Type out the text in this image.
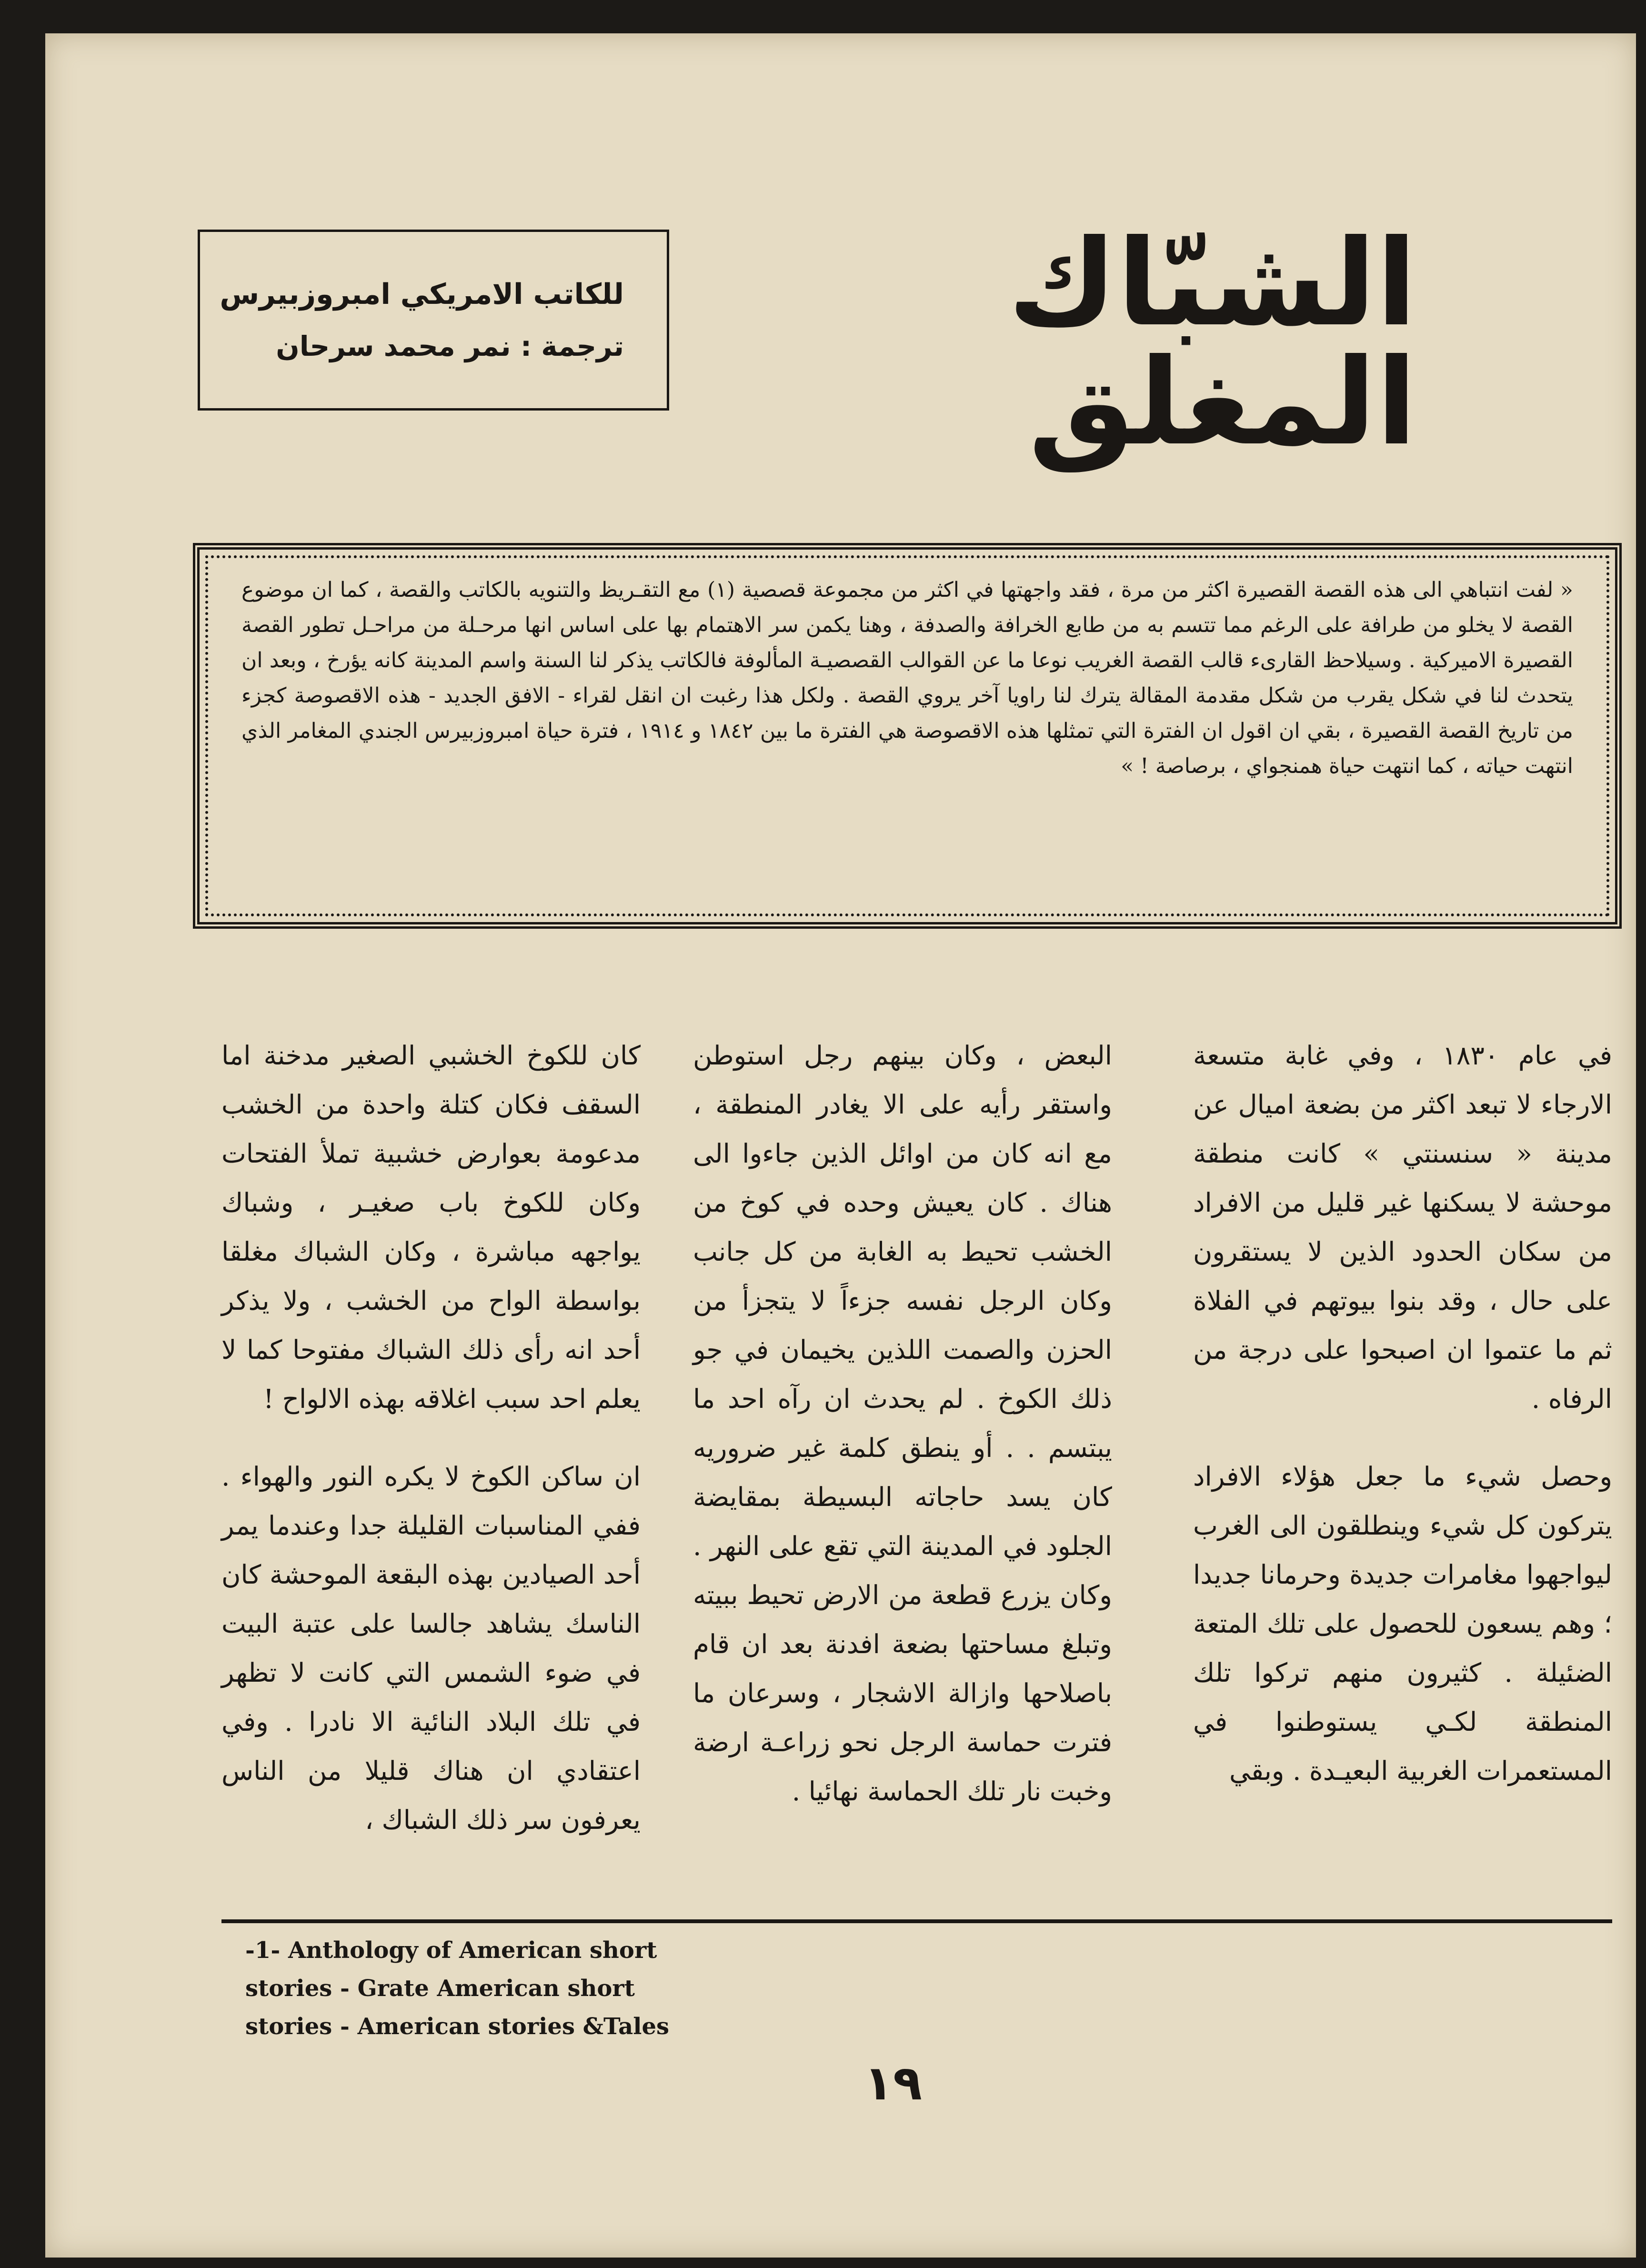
الشبّاك المغلق
للكاتب الامريكي امبروزبيرس
ترجمة : نمر محمد سرحان
« لفت انتباهي الى هذه القصة القصيرة اكثر من مرة ، فقد واجهتها في اكثر من مجموعة قصصية (١) مع التقـريظ والتنويه بالكاتب والقصة ، كما ان موضوع القصة لا يخلو من طرافة على الرغم مما تتسم به من طابع الخرافة والصدفة ، وهنا يكمن سر الاهتمام بها على اساس انها مرحـلة من مراحـل تطور القصة القصيرة الاميركية . وسيلاحظ القارىء قالب القصة الغريب نوعا ما عن القوالب القصصيـة المألوفة فالكاتب يذكر لنا السنة واسم المدينة كانه يؤرخ ، وبعد ان يتحدث لنا في شكل يقرب من شكل مقدمة المقالة يترك لنا راويا آخر يروي القصة . ولكل هذا رغبت ان انقل لقراء - الافق الجديد - هذه الاقصوصة كجزء من تاريخ القصة القصيرة ، بقي ان اقول ان الفترة التي تمثلها هذه الاقصوصة هي الفترة ما بين ١٨٤٢ و ١٩١٤ ، فترة حياة امبروزبيرس الجندي المغامر الذي انتهت حياته ، كما انتهت حياة همنجواي ، برصاصة ! »

في عام ١٨٣٠ ، وفي غابة متسعة الارجاء لا تبعد اكثر من بضعة اميال عن مدينة « سنسنتي » كانت منطقة موحشة لا يسكنها غير قليل من الافراد من سكان الحدود الذين لا يستقرون على حال ، وقد بنوا بيوتهم في الفلاة ثم ما عتموا ان اصبحوا على درجة من الرفاه .

وحصل شيء ما جعل هؤلاء الافراد يتركون كل شيء وينطلقون الى الغرب ليواجهوا مغامرات جديدة وحرمانا جديدا ؛ وهم يسعون للحصول على تلك المتعة الضئيلة . كثيرون منهم تركوا تلك المنطقة لكـي يستوطنوا في المستعمرات الغربية البعيـدة . وبقي

البعض ، وكان بينهم رجل استوطن واستقر رأيه على الا يغادر المنطقة ، مع انه كان من اوائل الذين جاءوا الى هناك . كان يعيش وحده في كوخ من الخشب تحيط به الغابة من كل جانب وكان الرجل نفسه جزءاً لا يتجزأ من الحزن والصمت اللذين يخيمان في جو ذلك الكوخ . لم يحدث ان رآه احد ما يبتسم . . أو ينطق كلمة غير ضروريه كان يسد حاجاته البسيطة بمقايضة الجلود في المدينة التي تقع على النهر . وكان يزرع قطعة من الارض تحيط ببيته وتبلغ مساحتها بضعة افدنة بعد ان قام باصلاحها وازالة الاشجار ، وسرعان ما فترت حماسة الرجل نحو زراعـة ارضة وخبت نار تلك الحماسة نهائيا .

كان للكوخ الخشبي الصغير مدخنة اما السقف فكان كتلة واحدة من الخشب مدعومة بعوارض خشبية تملأ الفتحات وكان للكوخ باب صغيـر ، وشباك يواجهه مباشرة ، وكان الشباك مغلقا بواسطة الواح من الخشب ، ولا يذكر أحد انه رأى ذلك الشباك مفتوحا كما لا يعلم احد سبب اغلاقه بهذه الالواح !

ان ساكن الكوخ لا يكره النور والهواء . ففي المناسبات القليلة جدا وعندما يمر أحد الصيادين بهذه البقعة الموحشة كان الناسك يشاهد جالسا على عتبة البيت في ضوء الشمس التي كانت لا تظهر في تلك البلاد النائية الا نادرا . وفي اعتقادي ان هناك قليلا من الناس يعرفون سر ذلك الشباك ،

-1- Anthology of American short stories - Grate American short stories - American stories &Tales
١٩
